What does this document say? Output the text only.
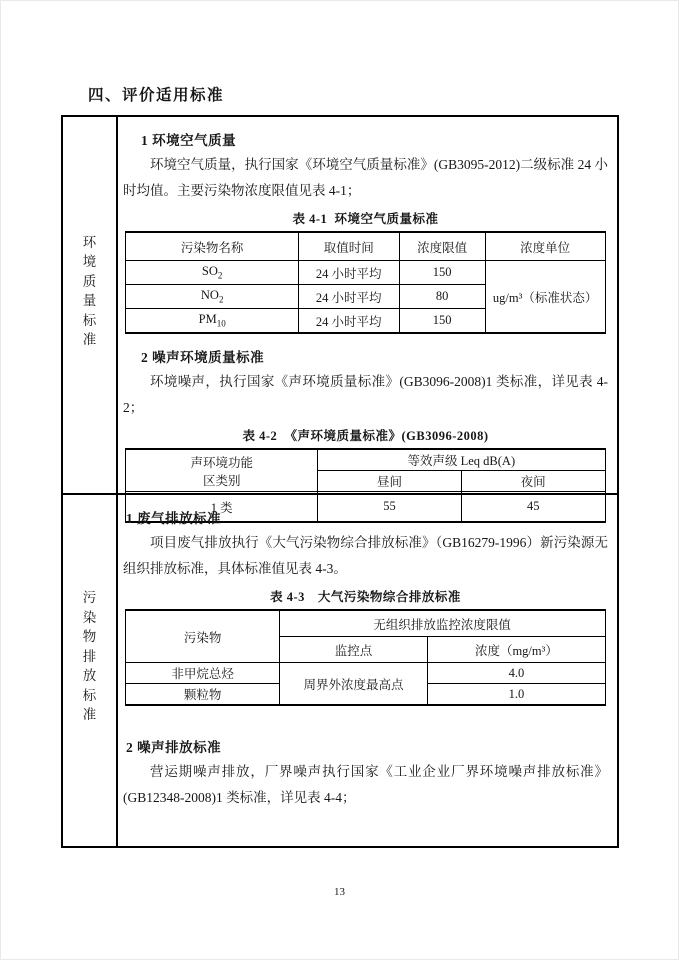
四、评价适用标准
环境质量标准
1 环境空气质量

环境空气质量，执行国家《环境空气质量标准》(GB3095-2012)二级标准 24 小时均值。主要污染物浓度限值见表 4-1；

表 4-1  环境空气质量标准
污染物名称	取值时间	浓度限值	浓度单位
$SO_2$	24 小时平均	150	ug/m³（标准状态）
$NO_2$	24 小时平均	80	
$PM_{10}$	24 小时平均	150	
2 噪声环境质量标准

环境噪声，执行国家《声环境质量标准》(GB3096-2008)1 类标准，详见表 4-2；

表 4-2  《声环境质量标准》(GB3096-2008)
声环境功能
区类别	等效声级 Leq dB(A)	
	昼间	夜间
1 类	55	45
污染物排放标准
1 废气排放标准

项目废气排放执行《大气污染物综合排放标准》（GB16279-1996）新污染源无组织排放标准，具体标准值见表 4-3。

表 4-3　大气污染物综合排放标准
污染物	无组织排放监控浓度限值	
	监控点	浓度（mg/m³）
非甲烷总烃	周界外浓度最高点	4.0
颗粒物		1.0
2 噪声排放标准

营运期噪声排放，厂界噪声执行国家《工业企业厂界环境噪声排放标准》(GB12348-2008)1 类标准，详见表 4-4；

13
